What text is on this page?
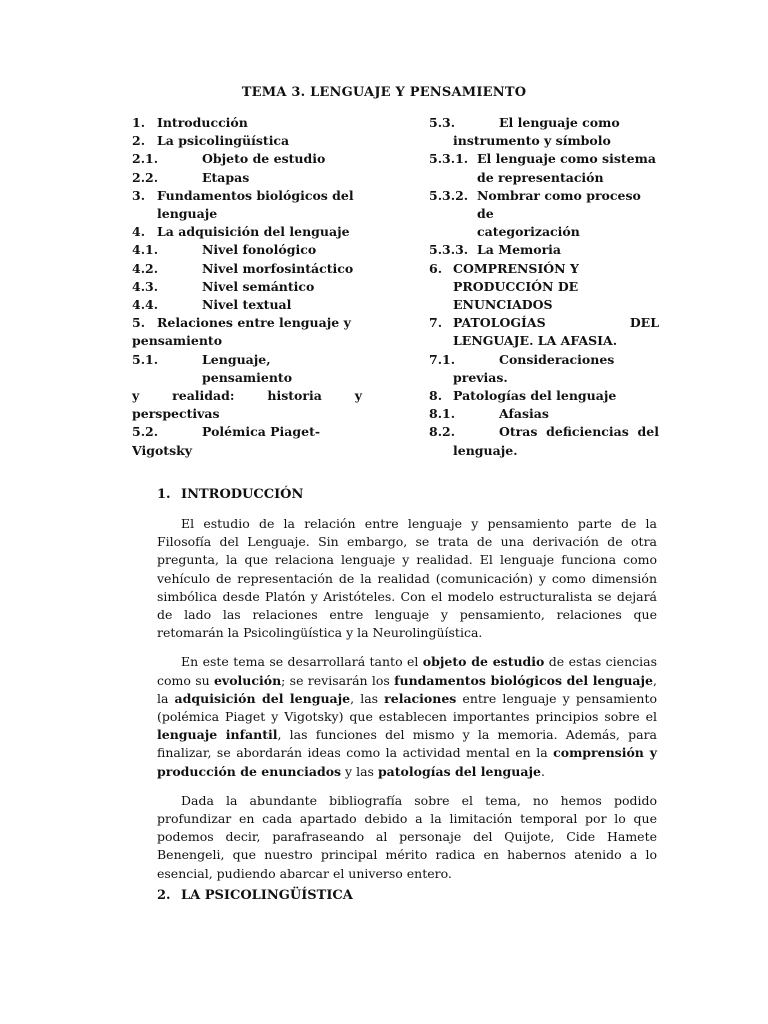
TEMA 3. LENGUAJE Y PENSAMIENTO
1. Introducción
2. La psicolingüística
2.1.	Objeto de estudio
2.2.	Etapas
3. Fundamentos biológicos del
lenguaje
4. La adquisición del lenguaje
4.1.	Nivel fonológico
4.2.	Nivel morfosintáctico
4.3.	Nivel semántico
4.4.	Nivel textual
5. Relaciones entre lenguaje y
pensamiento
5.1.	Lenguaje, pensamiento
y realidad: historia y
perspectivas
5.2.	Polémica Piaget-
Vigotsky
5.3.	El lenguaje como
instrumento y símbolo
5.3.1. El lenguaje como sistema
de representación
5.3.2. Nombrar como proceso de
categorización
5.3.3. La Memoria
6. COMPRENSIÓN Y
PRODUCCIÓN DE
ENUNCIADOS
7. PATOLOGÍAS DEL
LENGUAJE. LA AFASIA.
7.1.	Consideraciones
previas.
8. Patologías del lenguaje
8.1.	Afasias
8.2.	Otras deficiencias del
lenguaje.
1. INTRODUCCIÓN

El estudio de la relación entre lenguaje y pensamiento parte de la Filosofía del Lenguaje. Sin embargo, se trata de una derivación de otra pregunta, la que relaciona lenguaje y realidad. El lenguaje funciona como vehículo de representación de la realidad (comunicación) y como dimensión simbólica desde Platón y Aristóteles. Con el modelo estructuralista se dejará de lado las relaciones entre lenguaje y pensamiento, relaciones que retomarán la Psicolingüística y la Neurolingüística.

En este tema se desarrollará tanto el objeto de estudio de estas ciencias como su evolución; se revisarán los fundamentos biológicos del lenguaje, la adquisición del lenguaje, las relaciones entre lenguaje y pensamiento (polémica Piaget y Vigotsky) que establecen importantes principios sobre el lenguaje infantil, las funciones del mismo y la memoria. Además, para finalizar, se abordarán ideas como la actividad mental en la comprensión y producción de enunciados y las patologías del lenguaje.

Dada la abundante bibliografía sobre el tema, no hemos podido profundizar en cada apartado debido a la limitación temporal por lo que podemos decir, parafraseando al personaje del Quijote, Cide Hamete Benengeli, que nuestro principal mérito radica en habernos atenido a lo esencial, pudiendo abarcar el universo entero.

2. LA PSICOLINGÜÍSTICA
